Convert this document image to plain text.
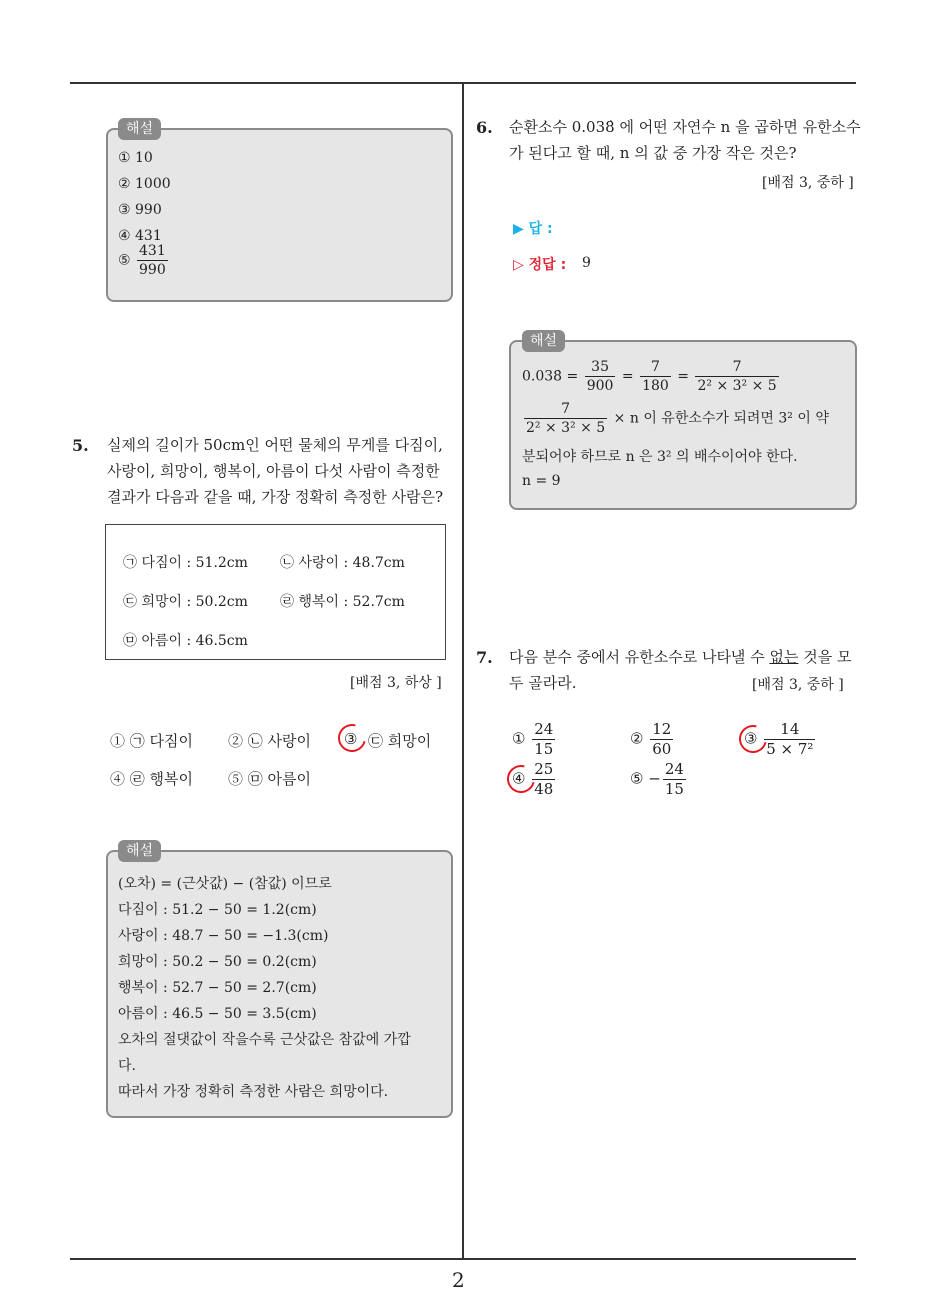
2
해설
① 10
② 1000
③ 990
④ 431
⑤ $\frac{431}{990}$
5. 실제의 길이가 50cm인 어떤 물체의 무게를 다짐이,
사랑이, 희망이, 행복이, 아름이 다섯 사람이 측정한
결과가 다음과 같을 때, 가장 정확히 측정한 사람은?
㉠ 다짐이 : 51.2cm ㉡ 사랑이 : 48.7cm
㉢ 희망이 : 50.2cm ㉣ 행복이 : 52.7cm
㉤ 아름이 : 46.5cm
[배점 3, 하상 ]
① ㉠ 다짐이 ② ㉡ 사랑이 ③ ㉢ 희망이
④ ㉣ 행복이 ⑤ ㉤ 아름이
해설
(오차) = (근삿값) − (참값) 이므로
다짐이 : 51.2 − 50 = 1.2(cm)
사랑이 : 48.7 − 50 = −1.3(cm)
희망이 : 50.2 − 50 = 0.2(cm)
행복이 : 52.7 − 50 = 2.7(cm)
아름이 : 46.5 − 50 = 3.5(cm)
오차의 절댓값이 작을수록 근삿값은 참값에 가깝
다.
따라서 가장 정확히 측정한 사람은 희망이다.
6. 순환소수 0.038̇ 에 어떤 자연수 n 을 곱하면 유한소수
가 된다고 할 때, n 의 값 중 가장 작은 것은?
[배점 3, 중하 ]
▶ 답 :
▷ 정답 : 9
해설
0.038̇ = $\frac{35}{900} = \frac{7}{180} = \frac{7}{\text{2² × 3² × 5}}$
$\frac{7}{\text{2² × 3² × 5}} \times n$ 이 유한소수가 되려면 3² 이 약
분되어야 하므로 n 은 3² 의 배수이어야 한다.
n = 9
7. 다음 분수 중에서 유한소수로 나타낼 수 없는 것을 모
두 골라라.	[배점 3, 중하 ]
① $\frac{24}{15}$	② $\frac{12}{60}$	③ $\frac{14}{\text{5 × 7²}}$
④ $\frac{25}{48}$	⑤ − $\frac{24}{15}$
